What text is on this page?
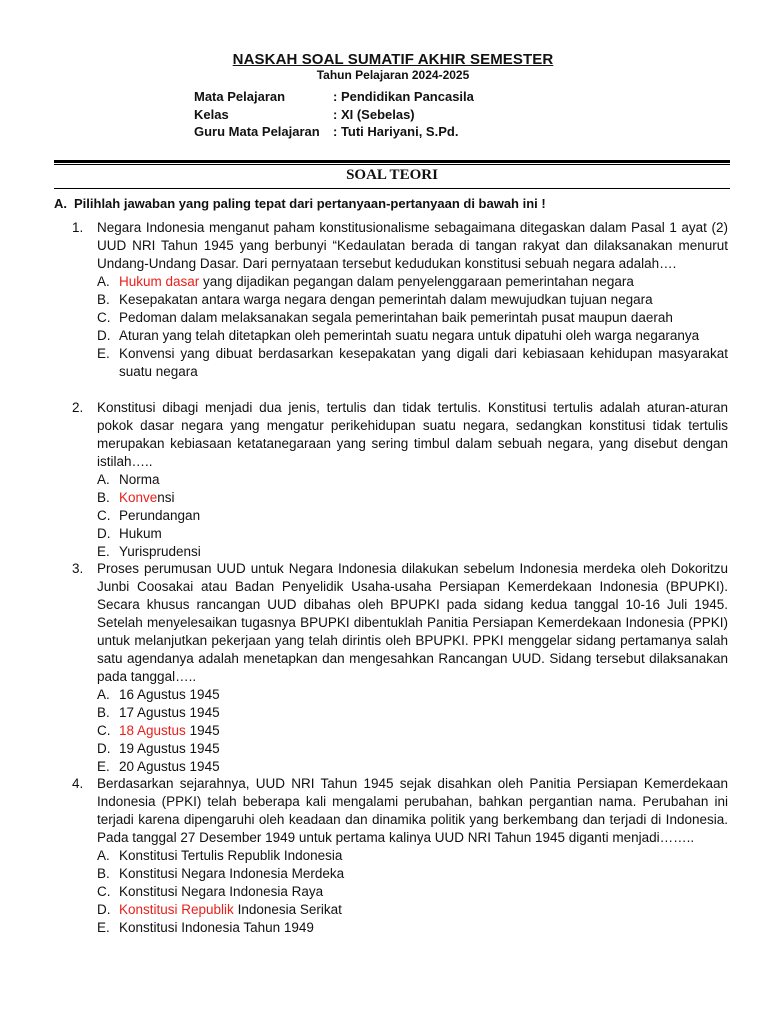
NASKAH SOAL SUMATIF AKHIR SEMESTER
Tahun Pelajaran 2024-2025
Mata Pelajaran	: Pendidikan Pancasila
Kelas	: XI (Sebelas)
Guru Mata Pelajaran : Tuti Hariyani, S.Pd.
SOAL TEORI
A. Pilihlah jawaban yang paling tepat dari pertanyaan-pertanyaan di bawah ini !
1. Negara Indonesia menganut paham konstitusionalisme sebagaimana ditegaskan dalam Pasal 1 ayat (2) UUD NRI Tahun 1945 yang berbunyi “Kedaulatan berada di tangan rakyat dan dilaksanakan menurut Undang-Undang Dasar. Dari pernyataan tersebut kedudukan konstitusi sebuah negara adalah….
A. Hukum dasar yang dijadikan pegangan dalam penyelenggaraan pemerintahan negara
B. Kesepakatan antara warga negara dengan pemerintah dalam mewujudkan tujuan negara
C. Pedoman dalam melaksanakan segala pemerintahan baik pemerintah pusat maupun daerah
D. Aturan yang telah ditetapkan oleh pemerintah suatu negara untuk dipatuhi oleh warga negaranya
E. Konvensi yang dibuat berdasarkan kesepakatan yang digali dari kebiasaan kehidupan masyarakat suatu negara
2. Konstitusi dibagi menjadi dua jenis, tertulis dan tidak tertulis. Konstitusi tertulis adalah aturan-aturan pokok dasar negara yang mengatur perikehidupan suatu negara, sedangkan konstitusi tidak tertulis merupakan kebiasaan ketatanegaraan yang sering timbul dalam sebuah negara, yang disebut dengan istilah…..
A. Norma
B. Konvensi
C. Perundangan
D. Hukum
E. Yurisprudensi
3. Proses perumusan UUD untuk Negara Indonesia dilakukan sebelum Indonesia merdeka oleh Dokoritzu Junbi Coosakai atau Badan Penyelidik Usaha-usaha Persiapan Kemerdekaan Indonesia (BPUPKI). Secara khusus rancangan UUD dibahas oleh BPUPKI pada sidang kedua tanggal 10-16 Juli 1945. Setelah menyelesaikan tugasnya BPUPKI dibentuklah Panitia Persiapan Kemerdekaan Indonesia (PPKI) untuk melanjutkan pekerjaan yang telah dirintis oleh BPUPKI. PPKI menggelar sidang pertamanya salah satu agendanya adalah menetapkan dan mengesahkan Rancangan UUD. Sidang tersebut dilaksanakan pada tanggal…..
A. 16 Agustus 1945
B. 17 Agustus 1945
C. 18 Agustus 1945
D. 19 Agustus 1945
E. 20 Agustus 1945
4. Berdasarkan sejarahnya, UUD NRI Tahun 1945 sejak disahkan oleh Panitia Persiapan Kemerdekaan Indonesia (PPKI) telah beberapa kali mengalami perubahan, bahkan pergantian nama. Perubahan ini terjadi karena dipengaruhi oleh keadaan dan dinamika politik yang berkembang dan terjadi di Indonesia. Pada tanggal 27 Desember 1949 untuk pertama kalinya UUD NRI Tahun 1945 diganti menjadi……..
A. Konstitusi Tertulis Republik Indonesia
B. Konstitusi Negara Indonesia Merdeka
C. Konstitusi Negara Indonesia Raya
D. Konstitusi Republik Indonesia Serikat
E. Konstitusi Indonesia Tahun 1949
